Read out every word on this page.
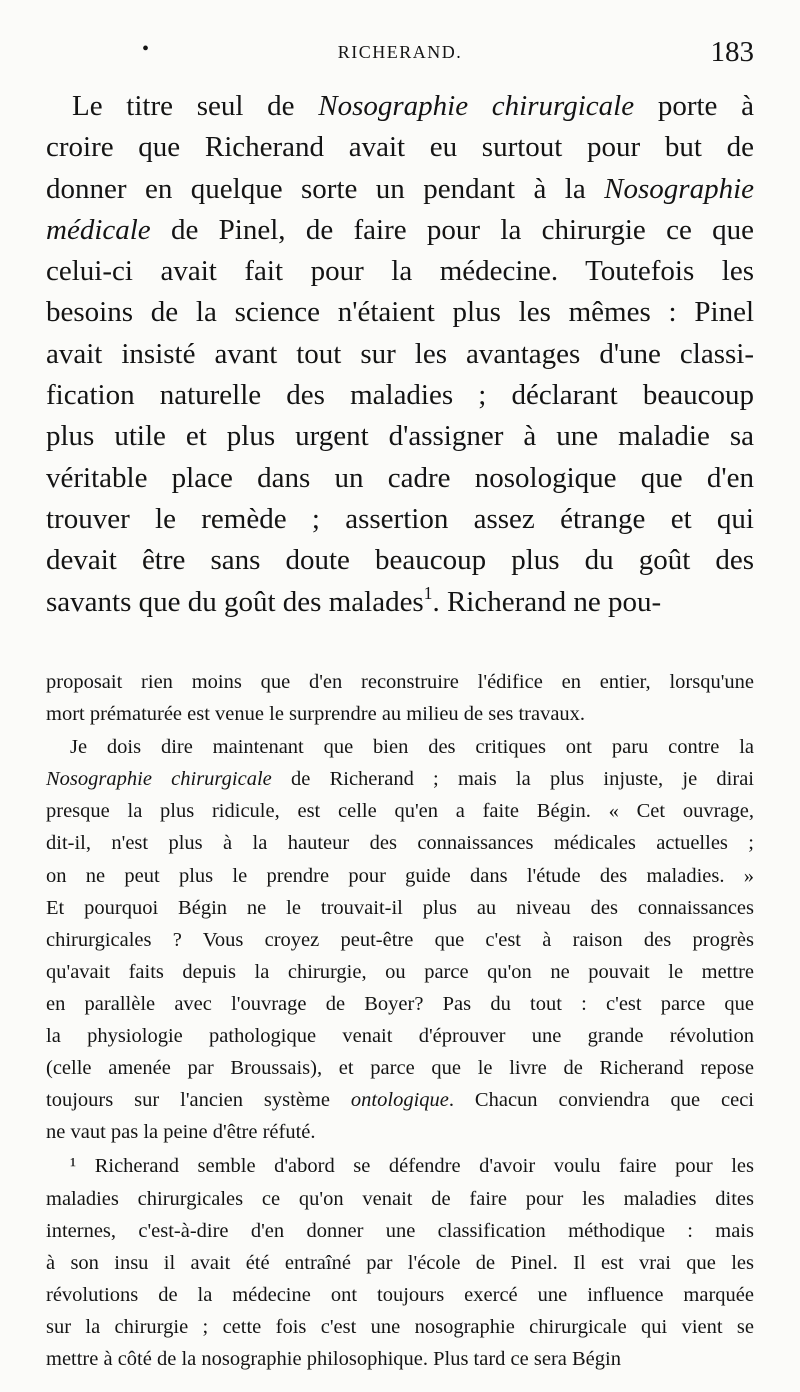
•	RICHERAND.	183
Le titre seul de Nosographie chirurgicale porte à
croire que Richerand avait eu surtout pour but de
donner en quelque sorte un pendant à la Nosographie
médicale de Pinel, de faire pour la chirurgie ce que
celui-ci avait fait pour la médecine. Toutefois les
besoins de la science n'étaient plus les mêmes : Pinel
avait insisté avant tout sur les avantages d'une classi-
fication naturelle des maladies ; déclarant beaucoup
plus utile et plus urgent d'assigner à une maladie sa
véritable place dans un cadre nosologique que d'en
trouver le remède ; assertion assez étrange et qui
devait être sans doute beaucoup plus du goût des
savants que du goût des malades$^1$. Richerand ne pou-
proposait rien moins que d'en reconstruire l'édifice en entier, lorsqu'une
mort prématurée est venue le surprendre au milieu de ses travaux.
Je dois dire maintenant que bien des critiques ont paru contre la
Nosographie chirurgicale de Richerand ; mais la plus injuste, je dirai
presque la plus ridicule, est celle qu'en a faite Bégin. « Cet ouvrage,
dit-il, n'est plus à la hauteur des connaissances médicales actuelles ;
on ne peut plus le prendre pour guide dans l'étude des maladies. »
Et pourquoi Bégin ne le trouvait-il plus au niveau des connaissances
chirurgicales ? Vous croyez peut-être que c'est à raison des progrès
qu'avait faits depuis la chirurgie, ou parce qu'on ne pouvait le mettre
en parallèle avec l'ouvrage de Boyer? Pas du tout : c'est parce que
la physiologie pathologique venait d'éprouver une grande révolution
(celle amenée par Broussais), et parce que le livre de Richerand repose
toujours sur l'ancien système ontologique. Chacun conviendra que ceci
ne vaut pas la peine d'être réfuté.
¹ Richerand semble d'abord se défendre d'avoir voulu faire pour les
maladies chirurgicales ce qu'on venait de faire pour les maladies dites
internes, c'est-à-dire d'en donner une classification méthodique : mais
à son insu il avait été entraîné par l'école de Pinel. Il est vrai que les
révolutions de la médecine ont toujours exercé une influence marquée
sur la chirurgie ; cette fois c'est une nosographie chirurgicale qui vient se
mettre à côté de la nosographie philosophique. Plus tard ce sera Bégin
